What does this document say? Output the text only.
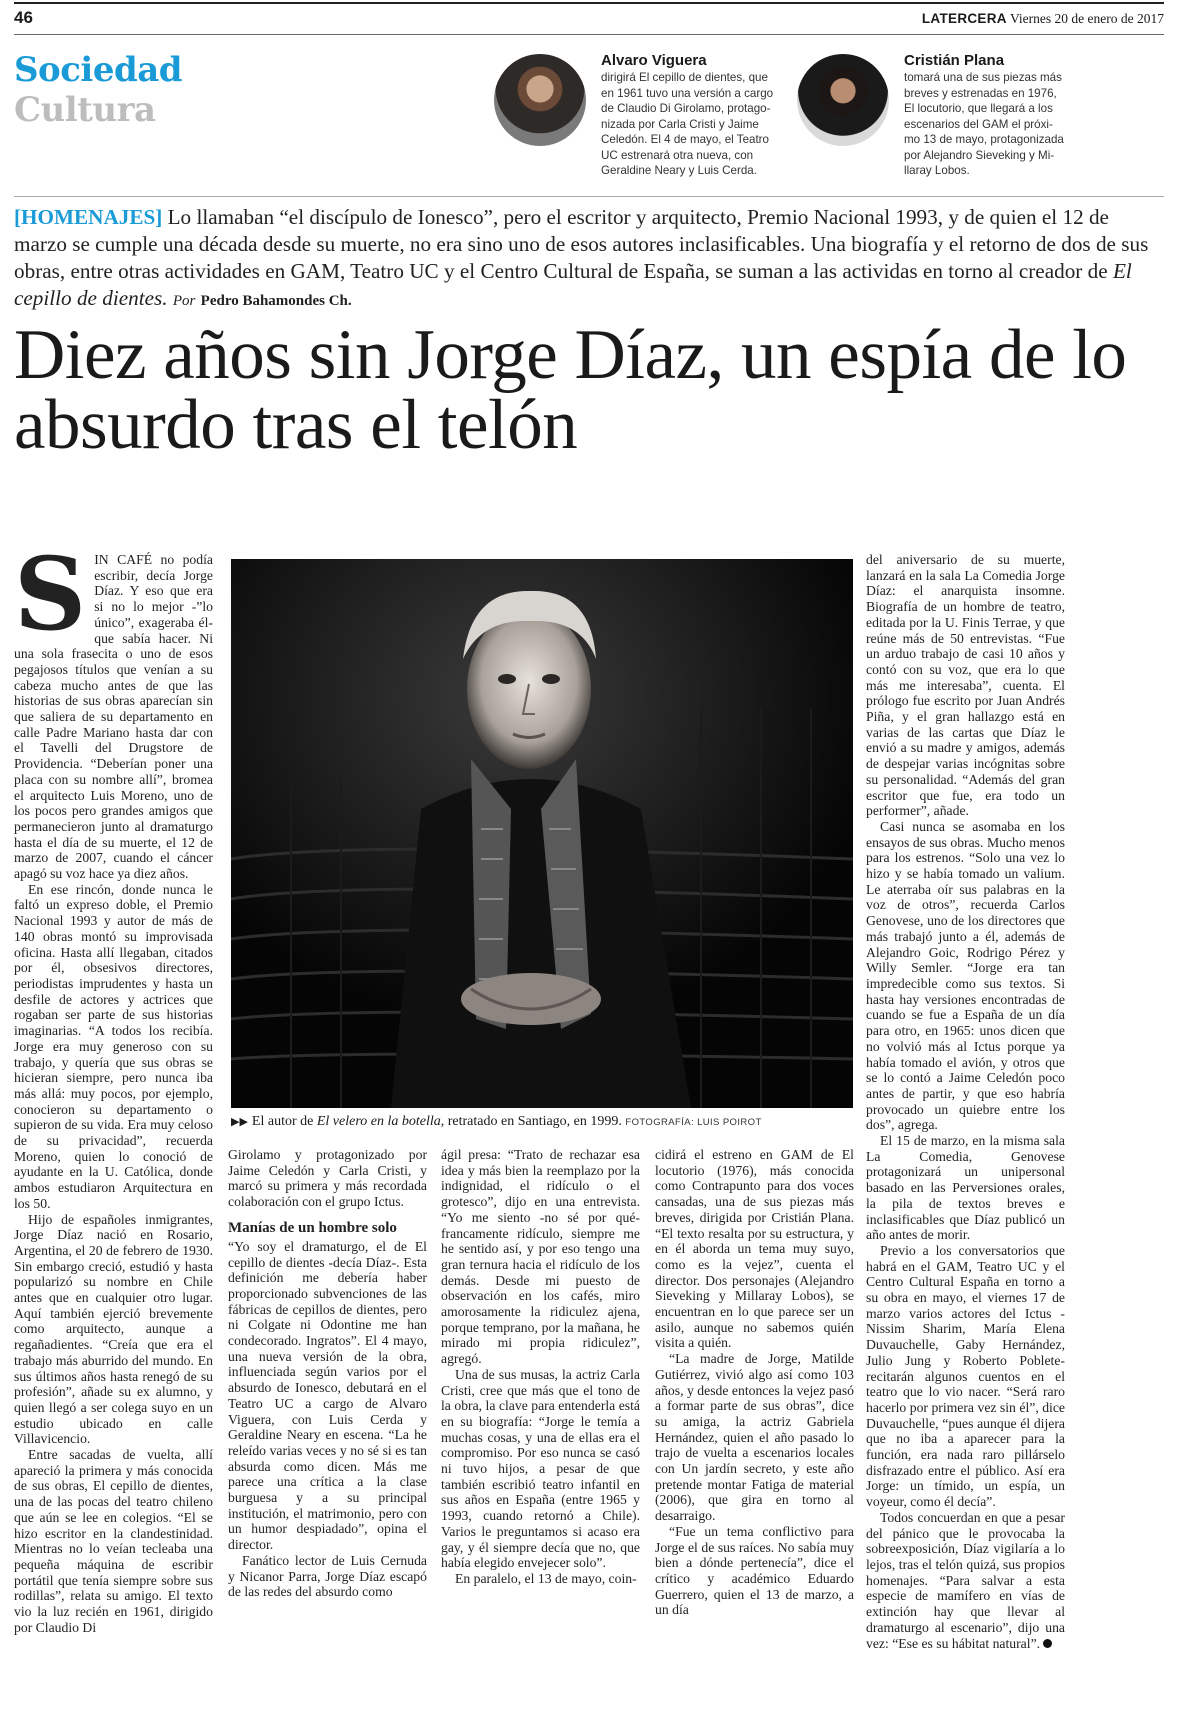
46	LATERCERA Viernes 20 de enero de 2017
Sociedad
Cultura
Alvaro Viguera
dirigirá El cepillo de dientes, que
en 1961 tuvo una versión a cargo
de Claudio Di Girolamo, protago-
nizada por Carla Cristi y Jaime
Celedón. El 4 de mayo, el Teatro
UC estrenará otra nueva, con
Geraldine Neary y Luis Cerda.
Cristián Plana
tomará una de sus piezas más
breves y estrenadas en 1976,
El locutorio, que llegará a los
escenarios del GAM el próxi-
mo 13 de mayo, protagonizada
por Alejandro Sieveking y Mi-
llaray Lobos.
[HOMENAJES] Lo llamaban “el discípulo de Ionesco”, pero el escritor y arquitecto, Premio Nacional 1993, y de quien el 12 de marzo se cumple una década desde su muerte, no era sino uno de esos autores inclasificables. Una biografía y el retorno de dos de sus obras, entre otras actividades en GAM, Teatro UC y el Centro Cultural de España, se suman a las actividas en torno al creador de El cepillo de dientes. Por Pedro Bahamondes Ch.
Diez años sin Jorge Díaz, un espía de lo absurdo tras el telón
S IN CAFÉ no podía escribir, decía Jorge Díaz. Y eso que era si no lo mejor -”lo único”, exageraba él- que sabía hacer. Ni una sola frasecita o uno de esos pegajosos títulos que venían a su cabeza mucho antes de que las historias de sus obras aparecían sin que saliera de su departamento en calle Padre Mariano hasta dar con el Tavelli del Drugstore de Providencia. “Deberían poner una placa con su nombre allí”, bromea el arquitecto Luis Moreno, uno de los pocos pero grandes amigos que permanecieron junto al dramaturgo hasta el día de su muerte, el 12 de marzo de 2007, cuando el cáncer apagó su voz hace ya diez años.

En ese rincón, donde nunca le faltó un expreso doble, el Premio Nacional 1993 y autor de más de 140 obras montó su improvisada oficina. Hasta allí llegaban, citados por él, obsesivos directores, periodistas imprudentes y hasta un desfile de actores y actrices que rogaban ser parte de sus historias imaginarias. “A todos los recibía. Jorge era muy generoso con su trabajo, y quería que sus obras se hicieran siempre, pero nunca iba más allá: muy pocos, por ejemplo, conocieron su departamento o supieron de su vida. Era muy celoso de su privacidad”, recuerda Moreno, quien lo conoció de ayudante en la U. Católica, donde ambos estudiaron Arquitectura en los 50.

Hijo de españoles inmigrantes, Jorge Díaz nació en Rosario, Argentina, el 20 de febrero de 1930. Sin embargo creció, estudió y hasta popularizó su nombre en Chile antes que en cualquier otro lugar. Aquí también ejerció brevemente como arquitecto, aunque a regañadientes. “Creía que era el trabajo más aburrido del mundo. En sus últimos años hasta renegó de su profesión”, añade su ex alumno, y quien llegó a ser colega suyo en un estudio ubicado en calle Villavicencio.

Entre sacadas de vuelta, allí apareció la primera y más conocida de sus obras, El cepillo de dientes, una de las pocas del teatro chileno que aún se lee en colegios. “El se hizo escritor en la clandestinidad. Mientras no lo veían tecleaba una pequeña máquina de escribir portátil que tenía siempre sobre sus rodillas”, relata su amigo. El texto vio la luz recién en 1961, dirigido por Claudio Di

▶▶ El autor de El velero en la botella, retratado en Santiago, en 1999. FOTOGRAFÍA: LUIS POIROT

Girolamo y protagonizado por Jaime Celedón y Carla Cristi, y marcó su primera y más recordada colaboración con el grupo Ictus.

Manías de un hombre solo

“Yo soy el dramaturgo, el de El cepillo de dientes -decía Díaz-. Esta definición me debería haber proporcionado subvenciones de las fábricas de cepillos de dientes, pero ni Colgate ni Odontine me han condecorado. Ingratos”. El 4 mayo, una nueva versión de la obra, influenciada según varios por el absurdo de Ionesco, debutará en el Teatro UC a cargo de Alvaro Viguera, con Luis Cerda y Geraldine Neary en escena. “La he releído varias veces y no sé si es tan absurda como dicen. Más me parece una crítica a la clase burguesa y a su principal institución, el matrimonio, pero con un humor despiadado”, opina el director.

Fanático lector de Luis Cernuda y Nicanor Parra, Jorge Díaz escapó de las redes del absurdo como

ágil presa: “Trato de rechazar esa idea y más bien la reemplazo por la indignidad, el ridículo o el grotesco”, dijo en una entrevista. “Yo me siento -no sé por qué- francamente ridículo, siempre me he sentido así, y por eso tengo una gran ternura hacia el ridículo de los demás. Desde mi puesto de observación en los cafés, miro amorosamente la ridiculez ajena, porque temprano, por la mañana, he mirado mi propia ridiculez”, agregó.

Una de sus musas, la actriz Carla Cristi, cree que más que el tono de la obra, la clave para entenderla está en su biografía: “Jorge le temía a muchas cosas, y una de ellas era el compromiso. Por eso nunca se casó ni tuvo hijos, a pesar de que también escribió teatro infantil en sus años en España (entre 1965 y 1993, cuando retornó a Chile). Varios le preguntamos si acaso era gay, y él siempre decía que no, que había elegido envejecer solo”.

En paralelo, el 13 de mayo, coin-

cidirá el estreno en GAM de El locutorio (1976), más conocida como Contrapunto para dos voces cansadas, una de sus piezas más breves, dirigida por Cristián Plana. “El texto resalta por su estructura, y en él aborda un tema muy suyo, como es la vejez”, cuenta el director. Dos personajes (Alejandro Sieveking y Millaray Lobos), se encuentran en lo que parece ser un asilo, aunque no sabemos quién visita a quién.

“La madre de Jorge, Matilde Gutiérrez, vivió algo así como 103 años, y desde entonces la vejez pasó a formar parte de sus obras”, dice su amiga, la actriz Gabriela Hernández, quien el año pasado lo trajo de vuelta a escenarios locales con Un jardín secreto, y este año pretende montar Fatiga de material (2006), que gira en torno al desarraigo.

“Fue un tema conflictivo para Jorge el de sus raíces. No sabía muy bien a dónde pertenecía”, dice el crítico y académico Eduardo Guerrero, quien el 13 de marzo, a un día

del aniversario de su muerte, lanzará en la sala La Comedia Jorge Díaz: el anarquista insomne. Biografía de un hombre de teatro, editada por la U. Finis Terrae, y que reúne más de 50 entrevistas. “Fue un arduo trabajo de casi 10 años y contó con su voz, que era lo que más me interesaba”, cuenta. El prólogo fue escrito por Juan Andrés Piña, y el gran hallazgo está en varias de las cartas que Díaz le envió a su madre y amigos, además de despejar varias incógnitas sobre su personalidad. “Además del gran escritor que fue, era todo un performer”, añade.

Casi nunca se asomaba en los ensayos de sus obras. Mucho menos para los estrenos. “Solo una vez lo hizo y se había tomado un valium. Le aterraba oír sus palabras en la voz de otros”, recuerda Carlos Genovese, uno de los directores que más trabajó junto a él, además de Alejandro Goic, Rodrigo Pérez y Willy Semler. “Jorge era tan impredecible como sus textos. Si hasta hay versiones encontradas de cuando se fue a España de un día para otro, en 1965: unos dicen que no volvió más al Ictus porque ya había tomado el avión, y otros que se lo contó a Jaime Celedón poco antes de partir, y que eso habría provocado un quiebre entre los dos”, agrega.

El 15 de marzo, en la misma sala La Comedia, Genovese protagonizará un unipersonal basado en las Perversiones orales, la pila de textos breves e inclasificables que Díaz publicó un año antes de morir.

Previo a los conversatorios que habrá en el GAM, Teatro UC y el Centro Cultural España en torno a su obra en mayo, el viernes 17 de marzo varios actores del Ictus -Nissim Sharim, María Elena Duvauchelle, Gaby Hernández, Julio Jung y Roberto Poblete- recitarán algunos cuentos en el teatro que lo vio nacer. “Será raro hacerlo por primera vez sin él”, dice Duvauchelle, “pues aunque él dijera que no iba a aparecer para la función, era nada raro pillárselo disfrazado entre el público. Así era Jorge: un tímido, un espía, un voyeur, como él decía”.

Todos concuerdan en que a pesar del pánico que le provocaba la sobreexposición, Díaz vigilaría a lo lejos, tras el telón quizá, sus propios homenajes. “Para salvar a esta especie de mamífero en vías de extinción hay que llevar al dramaturgo al escenario”, dijo una vez: “Ese es su hábitat natural”.
